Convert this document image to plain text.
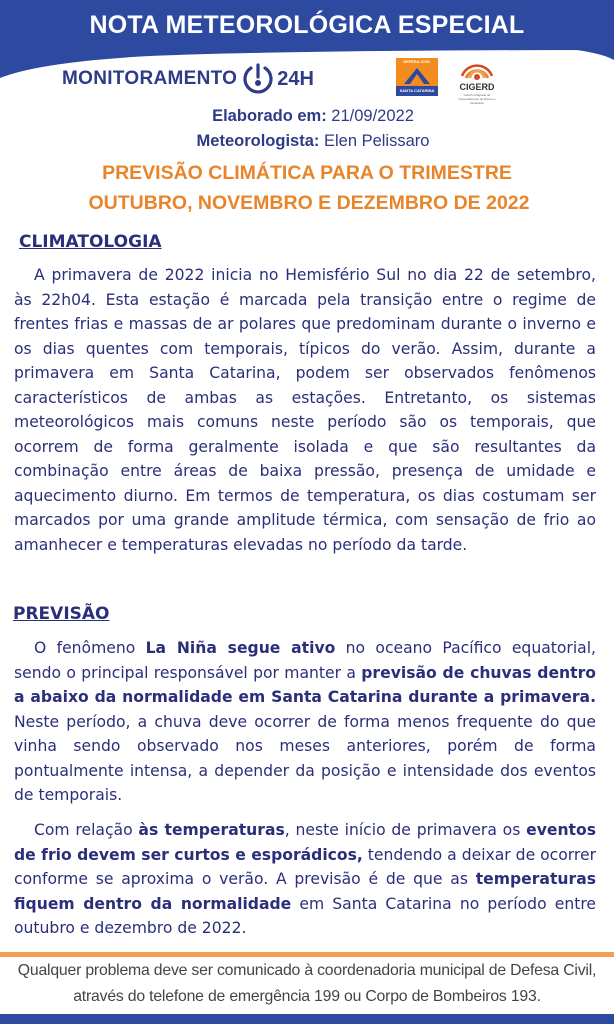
NOTA METEOROLÓGICA ESPECIAL
MONITORAMENTO 24H
DEFESA CIVIL
SANTA CATARINA	CIGERD
Centro Integrado de Gerenciamento de Riscos e Desastres
Elaborado em: 21/09/2022
Meteorologista: Elen Pelissaro
PREVISÃO CLIMÁTICA PARA O TRIMESTRE
OUTUBRO, NOVEMBRO E DEZEMBRO DE 2022
CLIMATOLOGIA

A primavera de 2022 inicia no Hemisfério Sul no dia 22 de setembro, às 22h04. Esta estação é marcada pela transição entre o regime de frentes frias e massas de ar polares que predominam durante o inverno e os dias quentes com temporais, típicos do verão. Assim, durante a primavera em Santa Catarina, podem ser observados fenômenos característicos de ambas as estações. Entretanto, os sistemas meteorológicos mais comuns neste período são os temporais, que ocorrem de forma geralmente isolada e que são resultantes da combinação entre áreas de baixa pressão, presença de umidade e aquecimento diurno. Em termos de temperatura, os dias costumam ser marcados por uma grande amplitude térmica, com sensação de frio ao amanhecer e temperaturas elevadas no período da tarde.

PREVISÃO

O fenômeno La Niña segue ativo no oceano Pacífico equatorial, sendo o principal responsável por manter a previsão de chuvas dentro a abaixo da normalidade em Santa Catarina durante a primavera. Neste período, a chuva deve ocorrer de forma menos frequente do que vinha sendo observado nos meses anteriores, porém de forma pontualmente intensa, a depender da posição e intensidade dos eventos de temporais.

Com relação às temperaturas, neste início de primavera os eventos de frio devem ser curtos e esporádicos, tendendo a deixar de ocorrer conforme se aproxima o verão. A previsão é de que as temperaturas fiquem dentro da normalidade em Santa Catarina no período entre outubro e dezembro de 2022.

Qualquer problema deve ser comunicado à coordenadoria municipal de Defesa Civil,
através do telefone de emergência 199 ou Corpo de Bombeiros 193.
